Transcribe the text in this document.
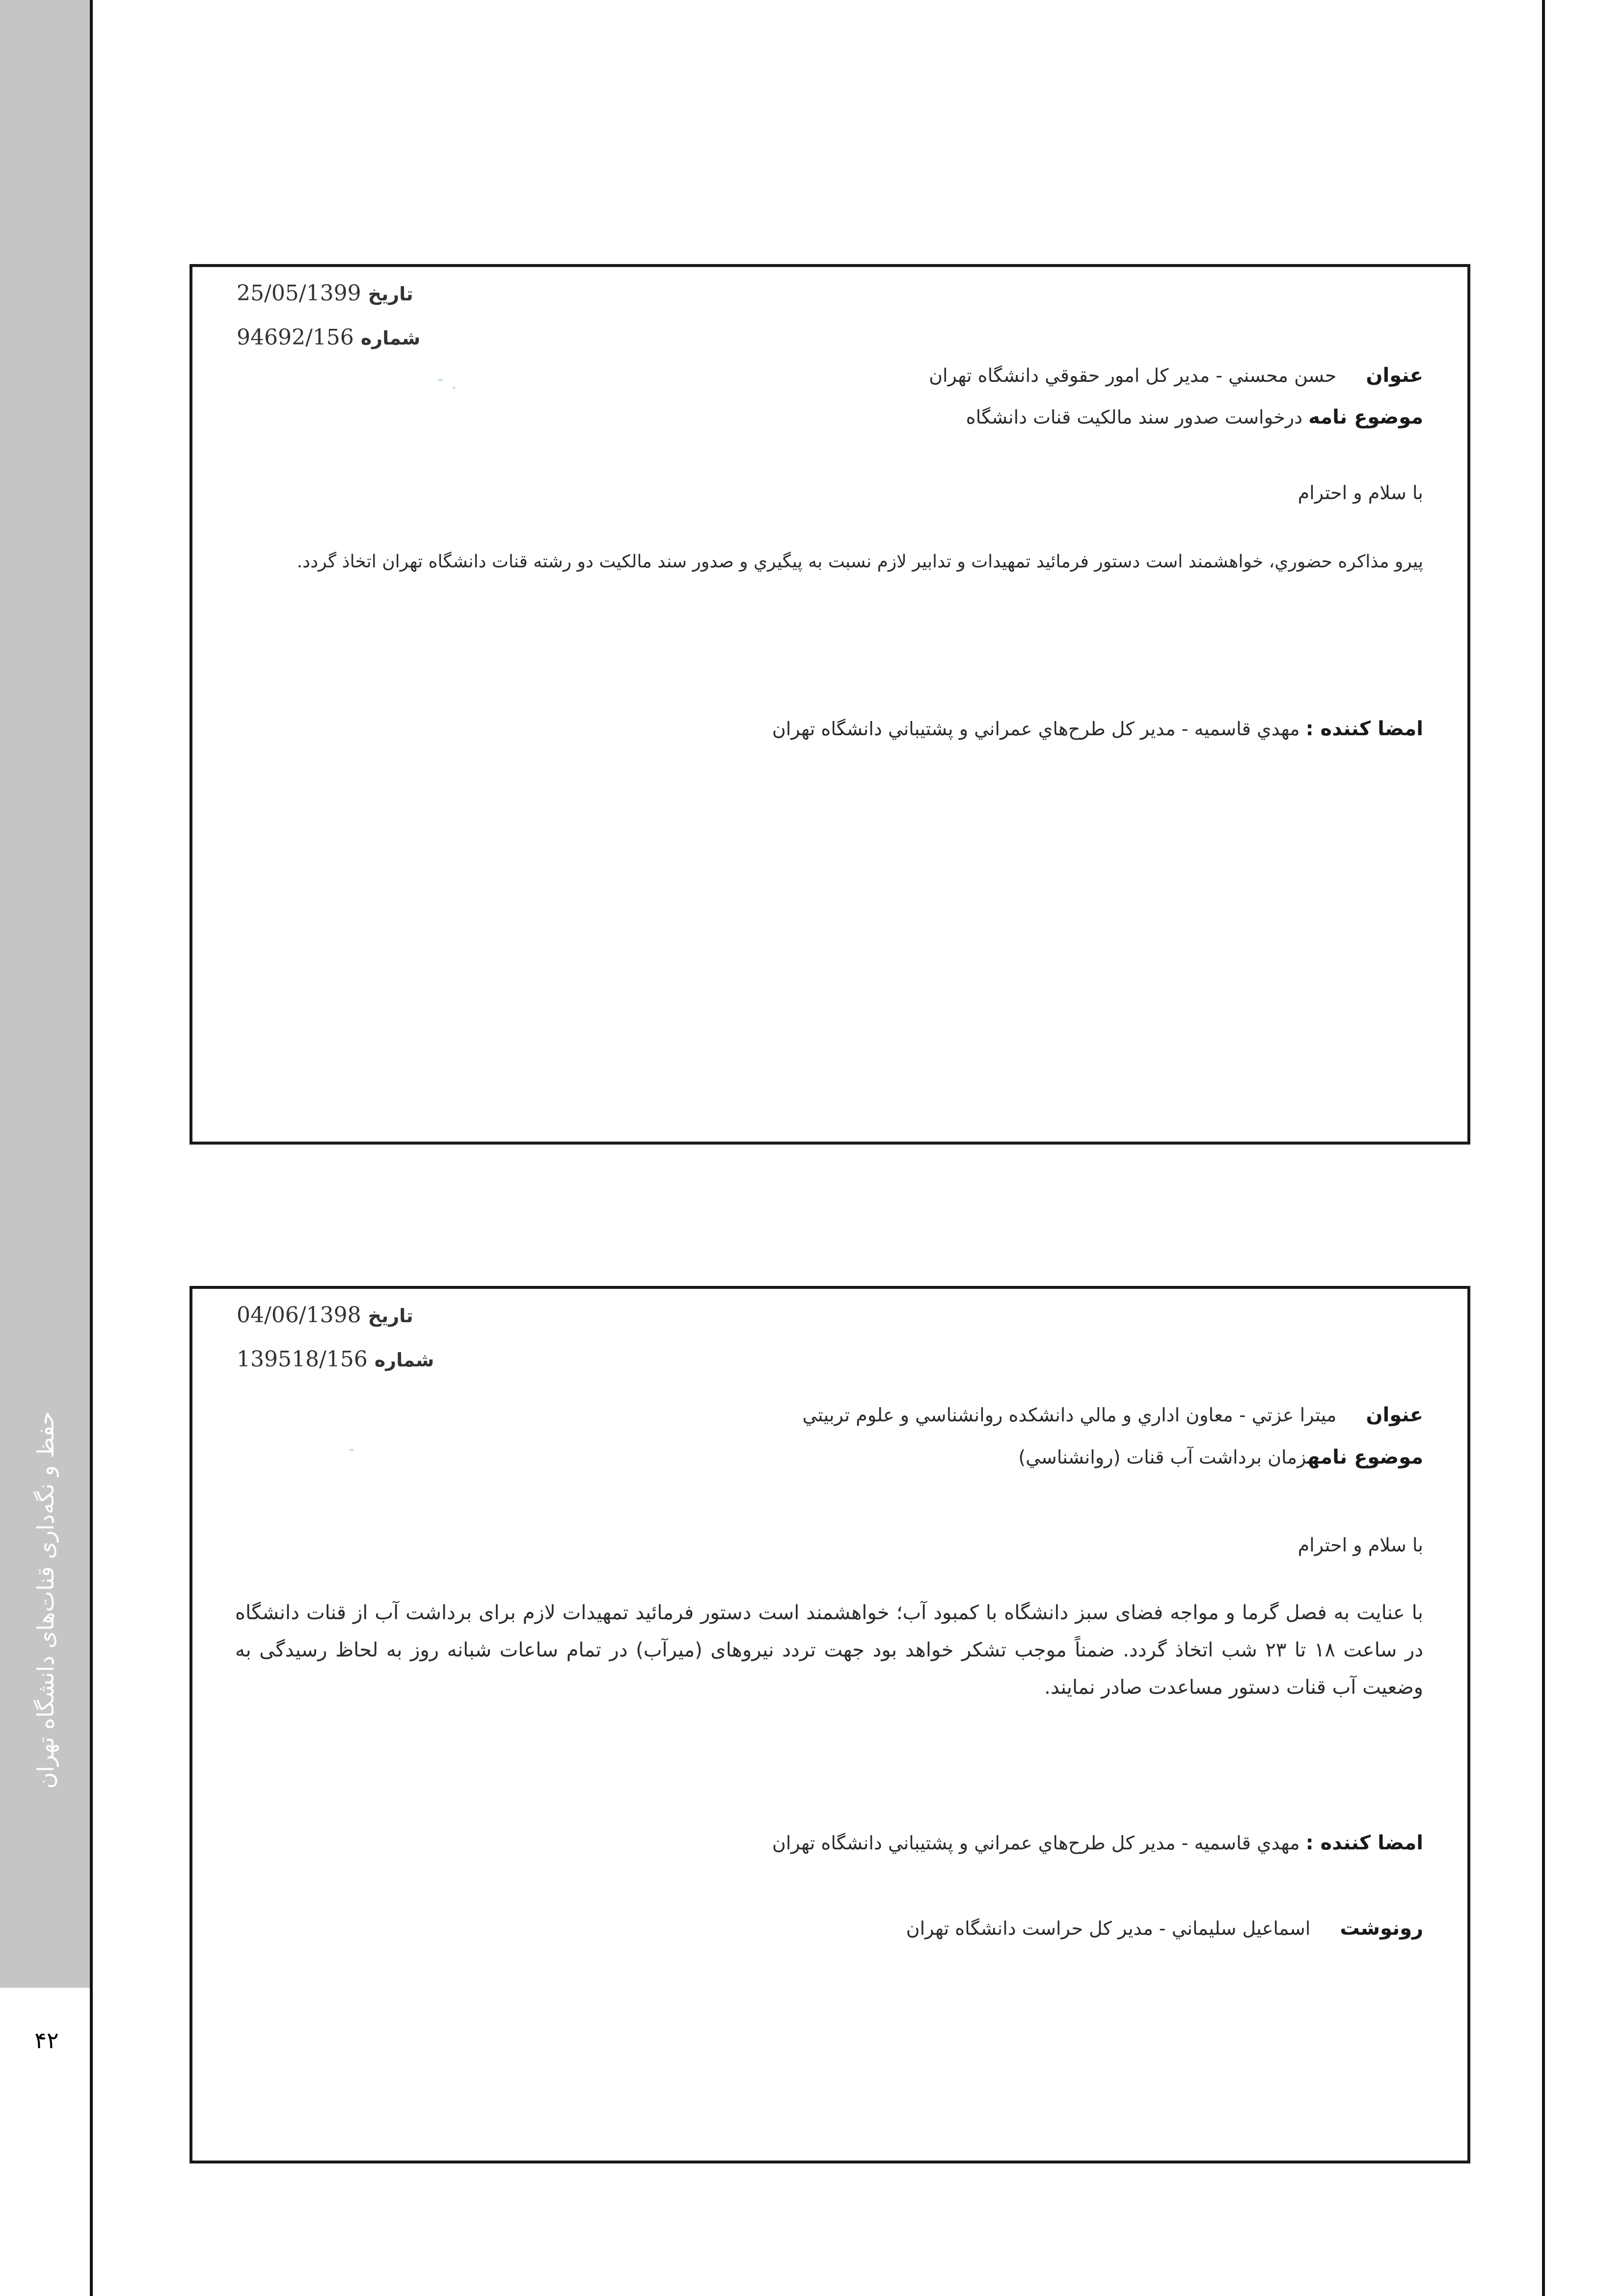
حفظ و نگه‌داری قنات‌های دانشگاه تهران
۴۲
تاريخ 25/05/1399
شماره 94692/156
عنوانحسن محسني - مدير كل امور حقوقي دانشگاه تهران
موضوع نامه درخواست صدور سند مالکيت قنات دانشگاه
با سلام و احترام
پيرو مذاكره حضوري، خواهشمند است دستور فرمائيد تمهيدات و تدابير لازم نسبت به پيگيري و صدور سند مالكيت دو رشته قنات دانشگاه تهران اتخاذ گردد.
امضا کننده : مهدي قاسميه - مدير كل طرح‌هاي عمراني و پشتيباني دانشگاه تهران
تاريخ 04/06/1398
شماره 139518/156
عنوانميترا عزتي - معاون اداري و مالي دانشكده روانشناسي و علوم تربيتي
موضوع نامهزمان برداشت آب قنات (روانشناسي)
با سلام و احترام
با عنايت به فصل گرما و مواجه فضاى سبز دانشگاه با كمبود آب؛ خواهشمند است دستور فرمائيد تمهيدات لازم براى برداشت آب از قنات دانشگاه در ساعت ١٨ تا ٢٣ شب اتخاذ گردد. ضمناً موجب تشكر خواهد بود جهت تردد نيروهاى (ميرآب) در تمام ساعات شبانه روز به لحاظ رسيدگى به وضعيت آب قنات دستور مساعدت صادر نمايند.
امضا کننده : مهدي قاسميه - مدير كل طرح‌هاي عمراني و پشتيباني دانشگاه تهران
رونوشتاسماعيل سليماني - مدير كل حراست دانشگاه تهران
